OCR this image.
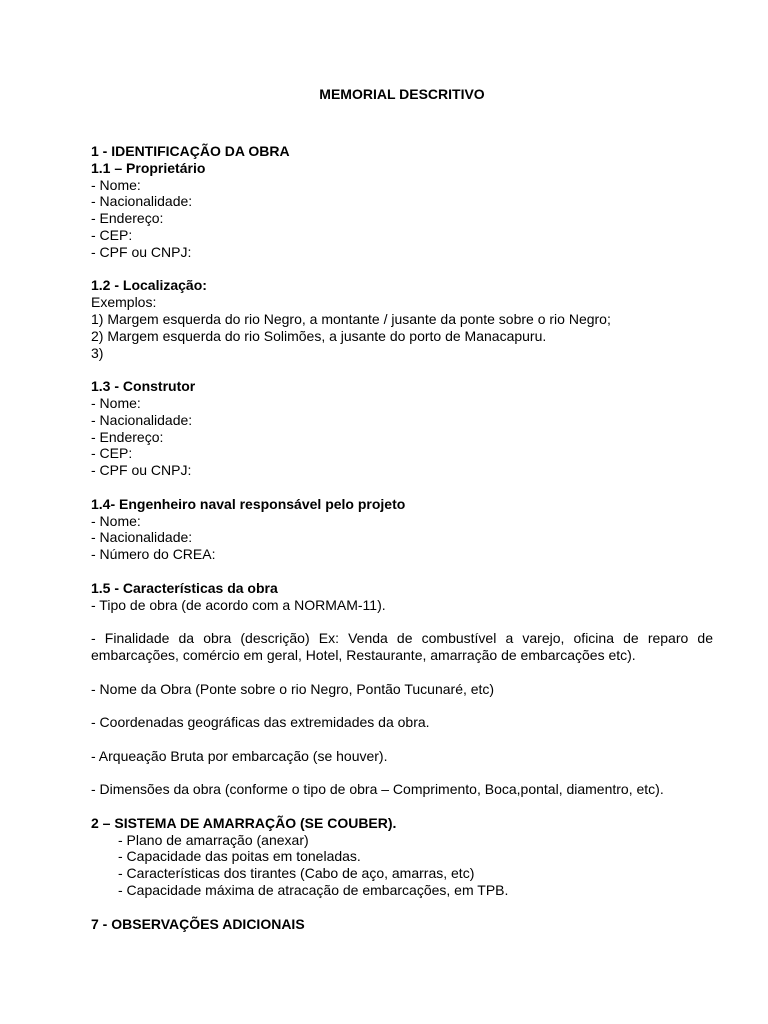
MEMORIAL DESCRITIVO

1 - IDENTIFICAÇÃO DA OBRA

1.1 – Proprietário

- Nome:

- Nacionalidade:

- Endereço:

- CEP:

- CPF ou CNPJ:

1.2 - Localização:

Exemplos:

1) Margem esquerda do rio Negro, a montante / jusante da ponte sobre o rio Negro;

2) Margem esquerda do rio Solimões, a jusante do porto de Manacapuru.

3)

1.3 - Construtor

- Nome:

- Nacionalidade:

- Endereço:

- CEP:

- CPF ou CNPJ:

1.4- Engenheiro naval responsável pelo projeto

- Nome:

- Nacionalidade:

- Número do CREA:

1.5 - Características da obra

- Tipo de obra (de acordo com a NORMAM-11).

- Finalidade da obra (descrição) Ex: Venda de combustível a varejo, oficina de reparo de embarcações, comércio em geral, Hotel, Restaurante, amarração de embarcações etc).

- Nome da Obra (Ponte sobre o rio Negro, Pontão Tucunaré, etc)

- Coordenadas geográficas das extremidades da obra.

- Arqueação Bruta por embarcação (se houver).

- Dimensões da obra (conforme o tipo de obra – Comprimento, Boca,pontal, diamentro, etc).

2 – SISTEMA DE AMARRAÇÃO (SE COUBER).

- Plano de amarração (anexar)

- Capacidade das poitas em toneladas.

- Características dos tirantes (Cabo de aço, amarras, etc)

- Capacidade máxima de atracação de embarcações, em TPB.

7 - OBSERVAÇÕES ADICIONAIS
